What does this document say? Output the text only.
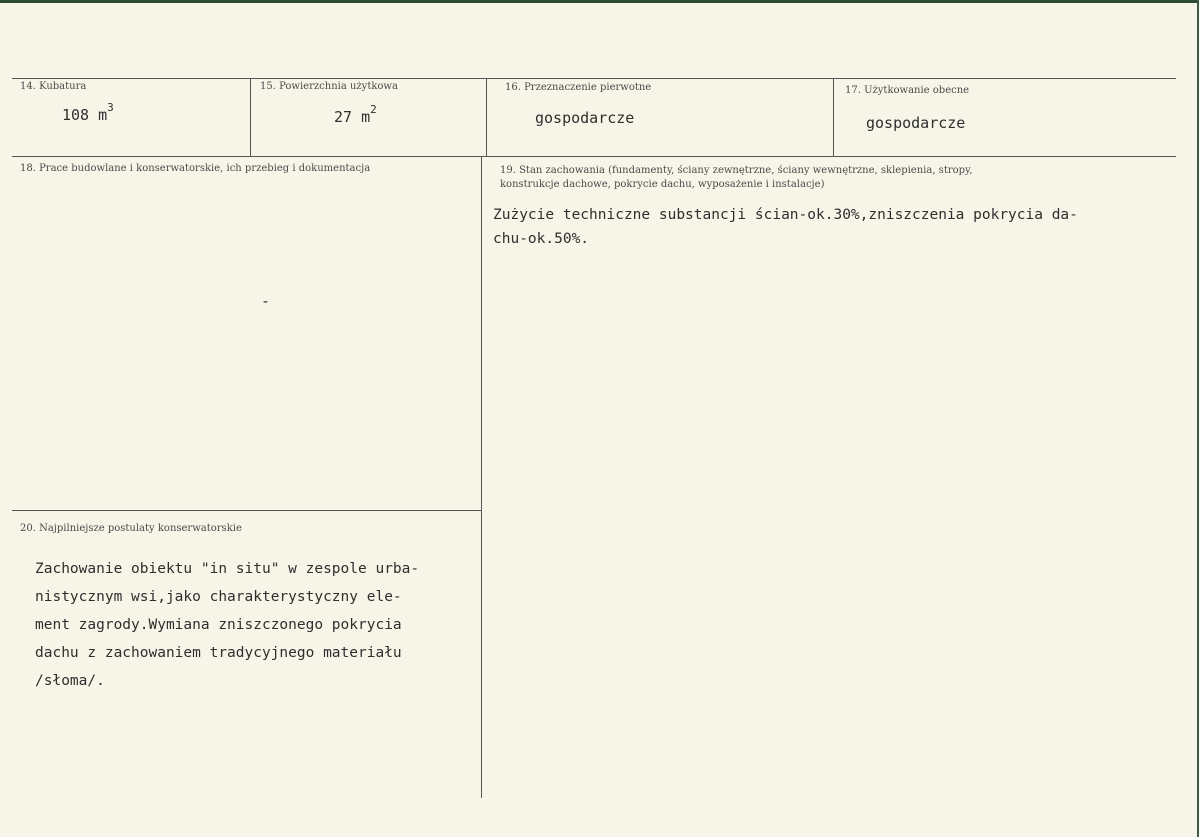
14. Kubatura
108 $m^3$
15. Powierzchnia użytkowa
27 $m^2$
16. Przeznaczenie pierwotne
gospodarcze
17. Użytkowanie obecne
gospodarcze
18. Prace budowlane i konserwatorskie, ich przebieg i dokumentacja
-
19. Stan zachowania (fundamenty, ściany zewnętrzne, ściany wewnętrzne, sklepienia, stropy,
konstrukcje dachowe, pokrycie dachu, wyposażenie i instalacje)
Zużycie techniczne substancji ścian-ok.30%,zniszczenia pokrycia da-
chu-ok.50%.
20. Najpilniejsze postulaty konserwatorskie
Zachowanie obiektu "in situ" w zespole urba-
nistycznym wsi,jako charakterystyczny ele-
ment zagrody.Wymiana zniszczonego pokrycia
dachu z zachowaniem tradycyjnego materiału
/słoma/.
